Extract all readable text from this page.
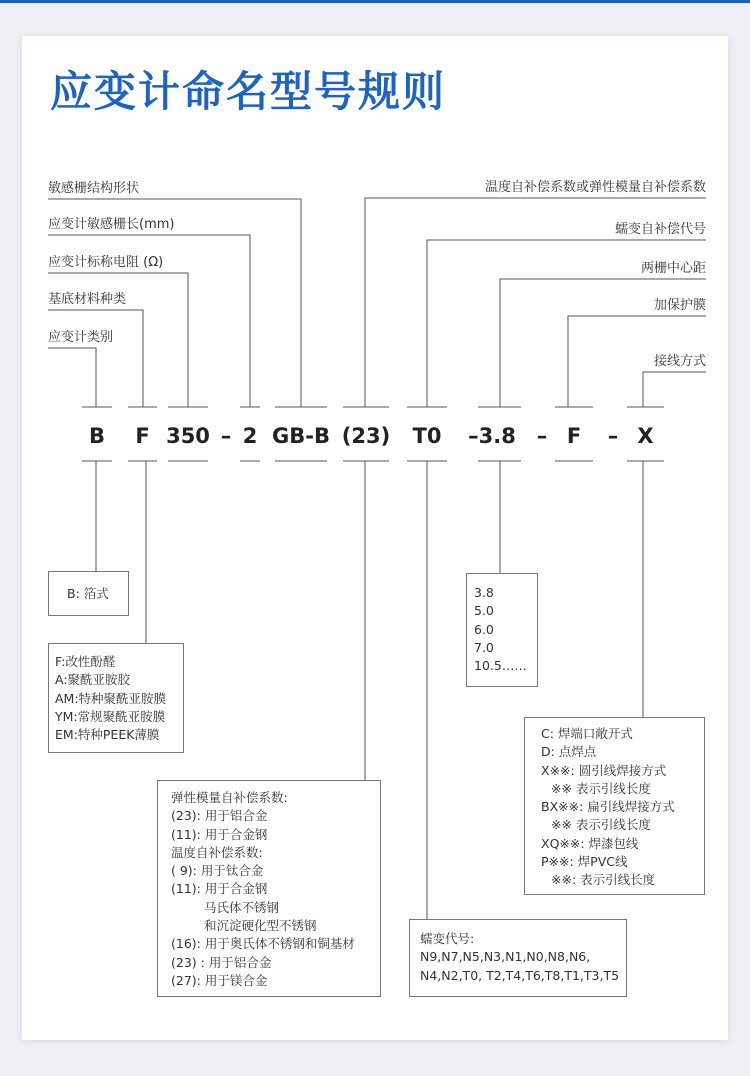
应变计命名型号规则
敏感栅结构形状
应变计敏感栅长(mm)
应变计标称电阻 (Ω)
基底材料种类
应变计类别
温度自补偿系数或弹性模量自补偿系数
蠕变自补偿代号
两栅中心距
加保护膜
接线方式
B	F 350 – 2 GB-B (23)	T0	–3.8 – F	– X
B: 箔式
F:改性酚醛
A:聚酰亚胺胶
AM:特种聚酰亚胺膜
YM:常规聚酰亚胺膜
EM:特种PEEK薄膜
3.8
5.0
6.0
7.0
10.5……
C: 焊端口敞开式
D: 点焊点
X※※: 圆引线焊接方式
※※ 表示引线长度
BX※※: 扁引线焊接方式
※※ 表示引线长度
XQ※※: 焊漆包线
P※※: 焊PVC线
※※: 表示引线长度
弹性模量自补偿系数:
(23): 用于铝合金
(11): 用于合金钢
温度自补偿系数:
( 9): 用于钛合金
(11): 用于合金钢
马氏体不锈钢
和沉淀硬化型不锈钢
(16): 用于奥氏体不锈钢和铜基材
(23) : 用于铝合金
(27): 用于镁合金
蠕变代号:
N9,N7,N5,N3,N1,N0,N8,N6,
N4,N2,T0, T2,T4,T6,T8,T1,T3,T5
